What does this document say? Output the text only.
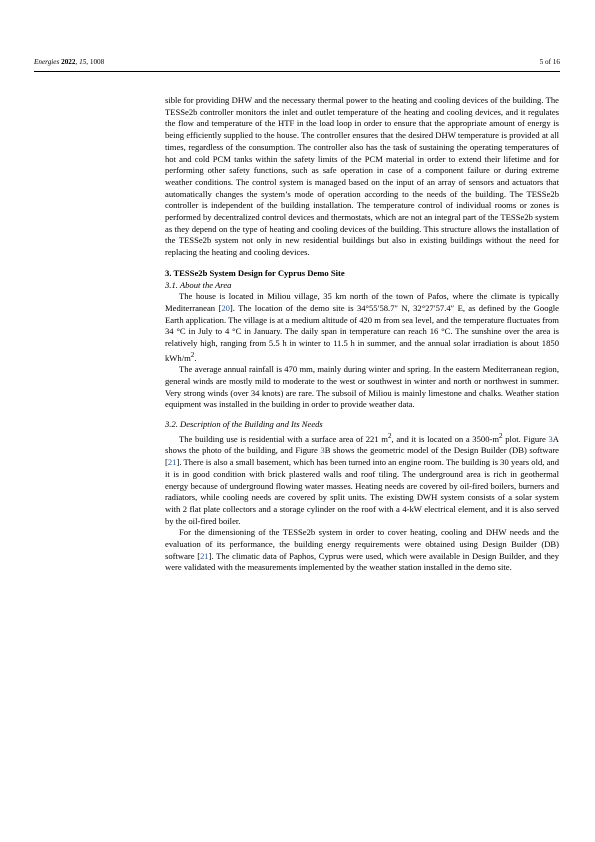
Energies 2022, 15, 1008	5 of 16

sible for providing DHW and the necessary thermal power to the heating and cooling devices of the building. The TESSe2b controller monitors the inlet and outlet temperature of the heating and cooling devices, and it regulates the flow and temperature of the HTF in the load loop in order to ensure that the appropriate amount of energy is being efficiently supplied to the house. The controller ensures that the desired DHW temperature is provided at all times, regardless of the consumption. The controller also has the task of sustaining the operating temperatures of hot and cold PCM tanks within the safety limits of the PCM material in order to extend their lifetime and for performing other safety functions, such as safe operation in case of a component failure or during extreme weather conditions. The control system is managed based on the input of an array of sensors and actuators that automatically changes the system’s mode of operation according to the needs of the building. The TESSe2b controller is independent of the building installation. The temperature control of individual rooms or zones is performed by decentralized control devices and thermostats, which are not an integral part of the TESSe2b system as they depend on the type of heating and cooling devices of the building. This structure allows the installation of the TESSe2b system not only in new residential buildings but also in existing buildings without the need for replacing the heating and cooling devices.

3. TESSe2b System Design for Cyprus Demo Site
3.1. About the Area

The house is located in Miliou village, 35 km north of the town of Pafos, where the climate is typically Mediterranean [20]. The location of the demo site is 34°55′58.7″ N, 32°27′57.4″ E, as defined by the Google Earth application. The village is at a medium altitude of 420 m from sea level, and the temperature fluctuates from 34 °C in July to 4 °C in January. The daily span in temperature can reach 16 °C. The sunshine over the area is relatively high, ranging from 5.5 h in winter to 11.5 h in summer, and the annual solar irradiation is about 1850 kWh/$m^2$.

The average annual rainfall is 470 mm, mainly during winter and spring. In the eastern Mediterranean region, general winds are mostly mild to moderate to the west or southwest in winter and north or northwest in summer. Very strong winds (over 34 knots) are rare. The subsoil of Miliou is mainly limestone and chalks. Weather station equipment was installed in the building in order to provide weather data.

3.2. Description of the Building and Its Needs

The building use is residential with a surface area of 221 $m^2$, and it is located on a $3500-m^2$ plot. Figure 3A shows the photo of the building, and Figure 3B shows the geometric model of the Design Builder (DB) software [21]. There is also a small basement, which has been turned into an engine room. The building is 30 years old, and it is in good condition with brick plastered walls and roof tiling. The underground area is rich in geothermal energy because of underground flowing water masses. Heating needs are covered by oil-fired boilers, burners and radiators, while cooling needs are covered by split units. The existing DWH system consists of a solar system with 2 flat plate collectors and a storage cylinder on the roof with a 4-kW electrical element, and it is also served by the oil-fired boiler.

For the dimensioning of the TESSe2b system in order to cover heating, cooling and DHW needs and the evaluation of its performance, the building energy requirements were obtained using Design Builder (DB) software [21]. The climatic data of Paphos, Cyprus were used, which were available in Design Builder, and they were validated with the measurements implemented by the weather station installed in the demo site.
